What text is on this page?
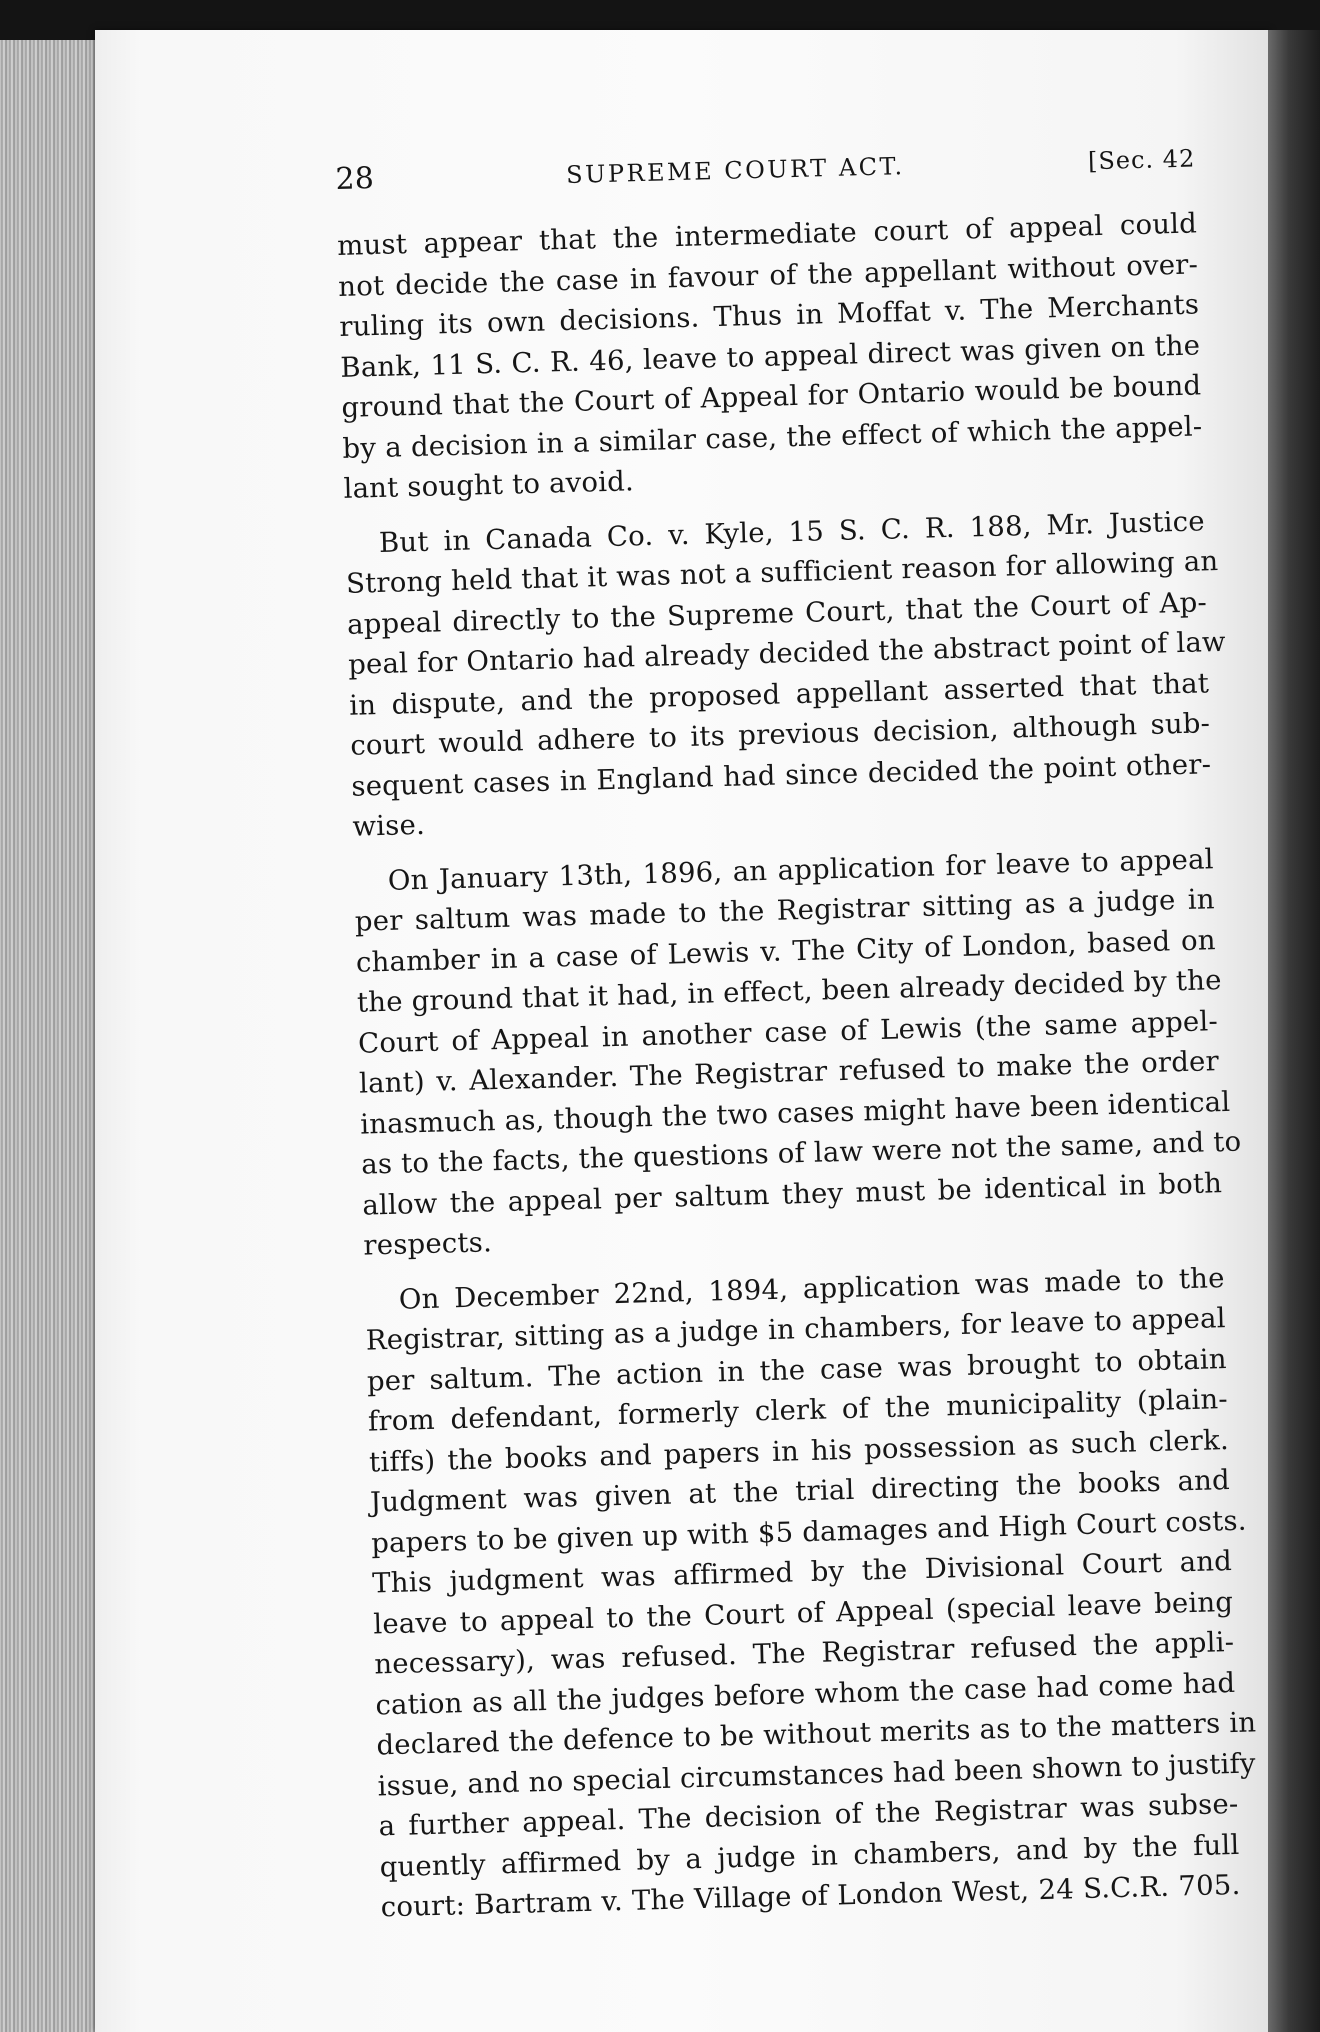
28	SUPREME COURT ACT.	[Sec. 42
must appear that the intermediate court of appeal could
not decide the case in favour of the appellant without over-
ruling its own decisions. Thus in Moffat v. The Merchants
Bank, 11 S. C. R. 46, leave to appeal direct was given on the
ground that the Court of Appeal for Ontario would be bound
by a decision in a similar case, the effect of which the appel-
lant sought to avoid.
But in Canada Co. v. Kyle, 15 S. C. R. 188, Mr. Justice
Strong held that it was not a sufficient reason for allowing an
appeal directly to the Supreme Court, that the Court of Ap-
peal for Ontario had already decided the abstract point of law
in dispute, and the proposed appellant asserted that that
court would adhere to its previous decision, although sub-
sequent cases in England had since decided the point other-
wise.
On January 13th, 1896, an application for leave to appeal
per saltum was made to the Registrar sitting as a judge in
chamber in a case of Lewis v. The City of London, based on
the ground that it had, in effect, been already decided by the
Court of Appeal in another case of Lewis (the same appel-
lant) v. Alexander. The Registrar refused to make the order
inasmuch as, though the two cases might have been identical
as to the facts, the questions of law were not the same, and to
allow the appeal per saltum they must be identical in both
respects.
On December 22nd, 1894, application was made to the
Registrar, sitting as a judge in chambers, for leave to appeal
per saltum. The action in the case was brought to obtain
from defendant, formerly clerk of the municipality (plain-
tiffs) the books and papers in his possession as such clerk.
Judgment was given at the trial directing the books and
papers to be given up with $5 damages and High Court costs.
This judgment was affirmed by the Divisional Court and
leave to appeal to the Court of Appeal (special leave being
necessary), was refused. The Registrar refused the appli-
cation as all the judges before whom the case had come had
declared the defence to be without merits as to the matters in
issue, and no special circumstances had been shown to justify
a further appeal. The decision of the Registrar was subse-
quently affirmed by a judge in chambers, and by the full
court: Bartram v. The Village of London West, 24 S.C.R. 705.
